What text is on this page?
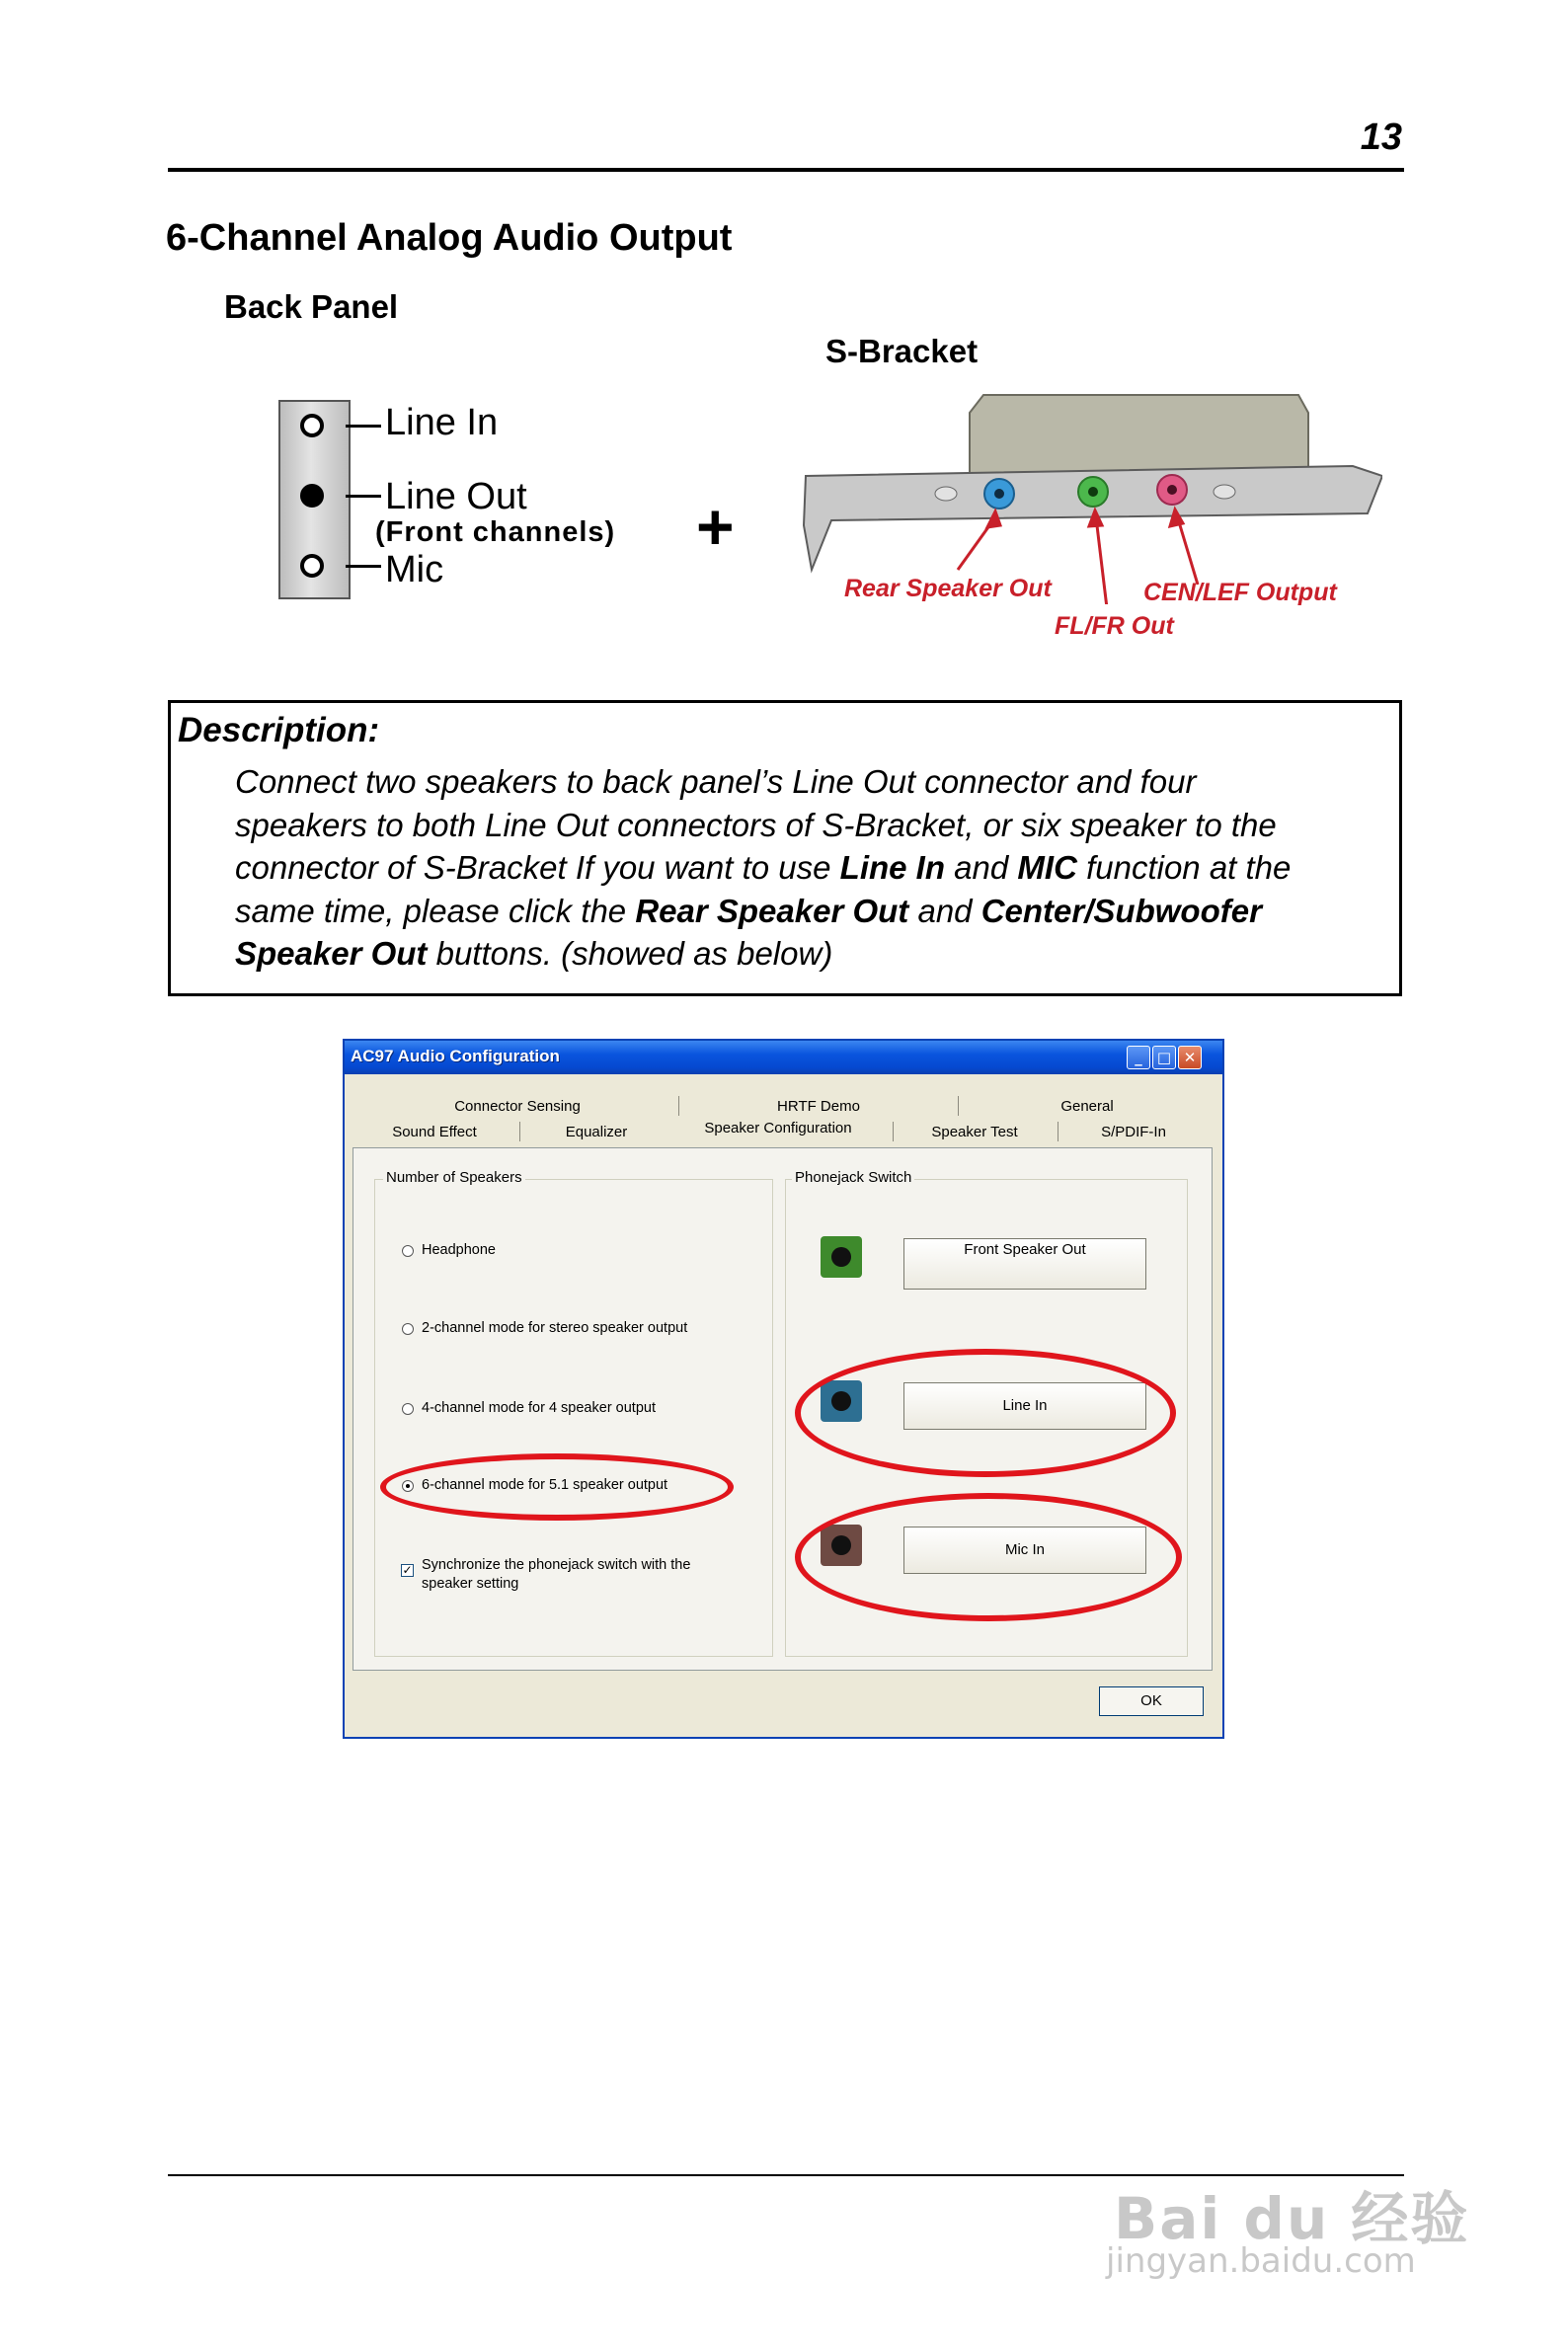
13
6-Channel Analog Audio Output
Back Panel
S-Bracket
Line In
Line Out
(Front channels)
Mic
+
Rear Speaker Out	CEN/LEF Output
FL/FR Out
Description:
Connect two speakers to back panel’s Line Out connector and four
speakers to both Line Out connectors of S-Bracket, or six speaker to the
connector of S-Bracket If you want to use Line In and MIC function at the
same time, please click the Rear Speaker Out and Center/Subwoofer
Speaker Out buttons. (showed as below)
AC97 Audio Configuration	_	□ ✕
Connector Sensing	HRTF Demo	General
Sound Effect	Equalizer	Speaker Configuration	Speaker Test	S/PDIF-In
Number of Speakers
Headphone
2-channel mode for stereo speaker output
4-channel mode for 4 speaker output
6-channel mode for 5.1 speaker output
✓ Synchronize the phonejack switch with the
speaker setting
Phonejack Switch
Front Speaker Out
Line In
Mic In
OK
Bai du 经验
jingyan.baidu.com
